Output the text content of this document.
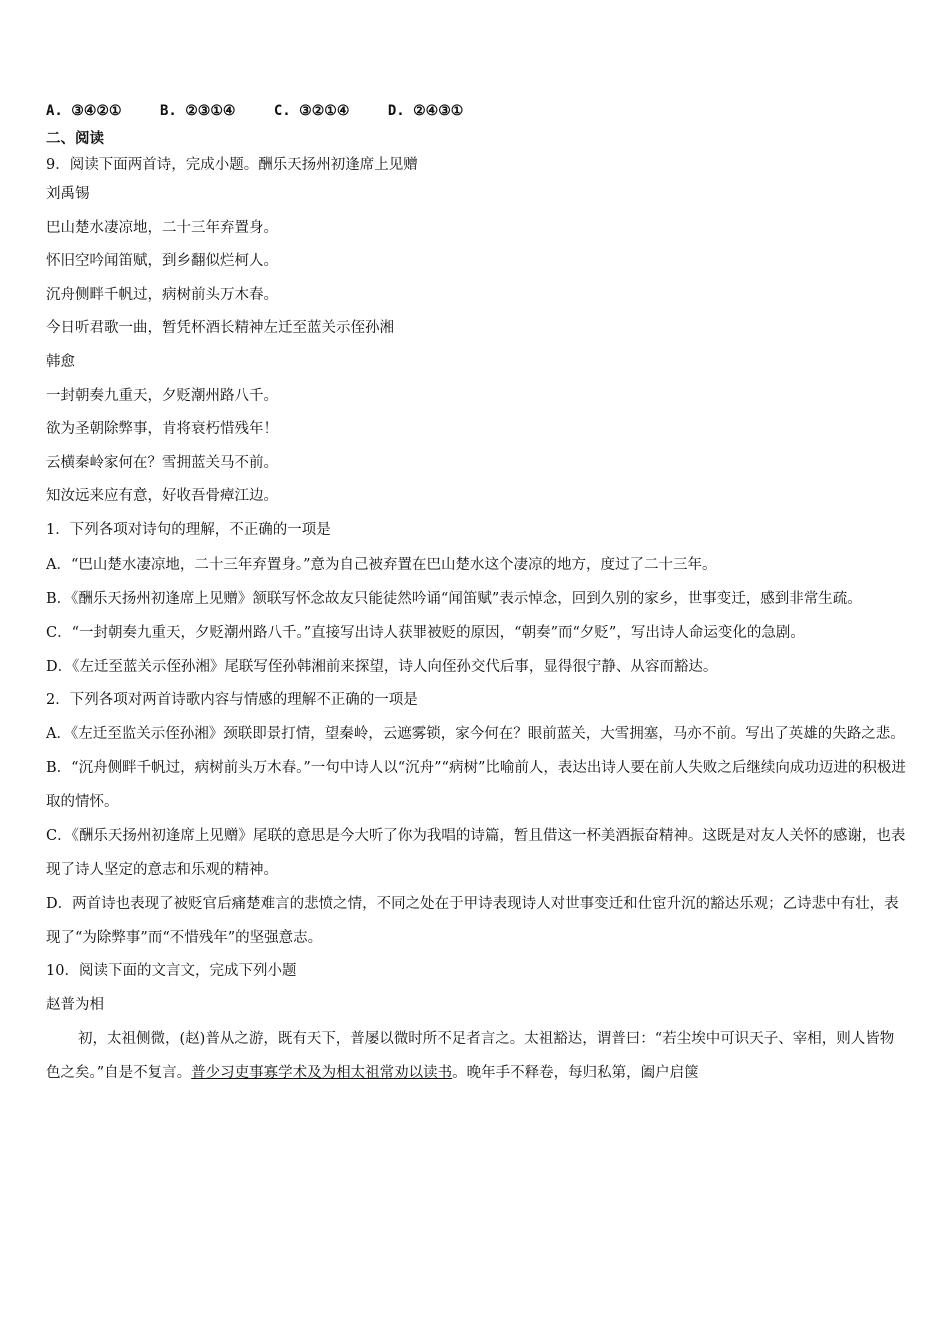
A. ③④②①	B. ②③①④	C. ③②①④	D. ②④③①
二、阅读
9．阅读下面两首诗，完成小题。酬乐天扬州初逢席上见赠
刘禹锡
巴山楚水凄凉地，二十三年弃置身。
怀旧空吟闻笛赋，到乡翻似烂柯人。
沉舟侧畔千帆过，病树前头万木春。
今日听君歌一曲，暂凭杯酒长精神左迁至蓝关示侄孙湘
韩愈
一封朝奏九重天，夕贬潮州路八千。
欲为圣朝除弊事，肯将衰朽惜残年！
云横秦岭家何在？雪拥蓝关马不前。
知汝远来应有意，好收吾骨瘴江边。
1．下列各项对诗句的理解，不正确的一项是
A．“巴山楚水凄凉地，二十三年弃置身。”意为自己被弃置在巴山楚水这个凄凉的地方，度过了二十三年。
B．《酬乐天扬州初逢席上见赠》颔联写怀念故友只能徒然吟诵“闻笛赋”表示悼念，回到久别的家乡，世事变迁，感到非常生疏。
C．“一封朝奏九重天，夕贬潮州路八千。”直接写出诗人获罪被贬的原因，“朝奏”而“夕贬”，写出诗人命运变化的急剧。
D．《左迁至蓝关示侄孙湘》尾联写侄孙韩湘前来探望，诗人向侄孙交代后事，显得很宁静、从容而豁达。
2．下列各项对两首诗歌内容与情感的理解不正确的一项是
A．《左迁至监关示侄孙湘》颈联即景打情，望秦岭，云遮雾锁，家今何在？眼前蓝关，大雪拥塞，马亦不前。写出了英雄的失路之悲。
B．“沉舟侧畔千帆过，病树前头万木春。”一句中诗人以“沉舟”“病树”比喻前人，表达出诗人要在前人失败之后继续向成功迈进的积极进取的情怀。
C．《酬乐天扬州初逢席上见赠》尾联的意思是今大听了你为我唱的诗篇，暂且借这一杯美酒振奋精神。这既是对友人关怀的感谢，也表现了诗人坚定的意志和乐观的精神。
D．两首诗也表现了被贬官后痛楚难言的悲愤之情，不同之处在于甲诗表现诗人对世事变迁和仕宦升沉的豁达乐观；乙诗悲中有壮，表现了“为除弊事”而“不惜残年”的坚强意志。
10．阅读下面的文言文，完成下列小题
赵普为相
初，太祖侧微，(赵)普从之游，既有天下，普屡以微时所不足者言之。太祖豁达，谓普曰：“若尘埃中可识天子、宰相，则人皆物色之矣。”自是不复言。普少习吏事寡学术及为相太祖常劝以读书。晚年手不释卷，每归私第，阖户启箧
